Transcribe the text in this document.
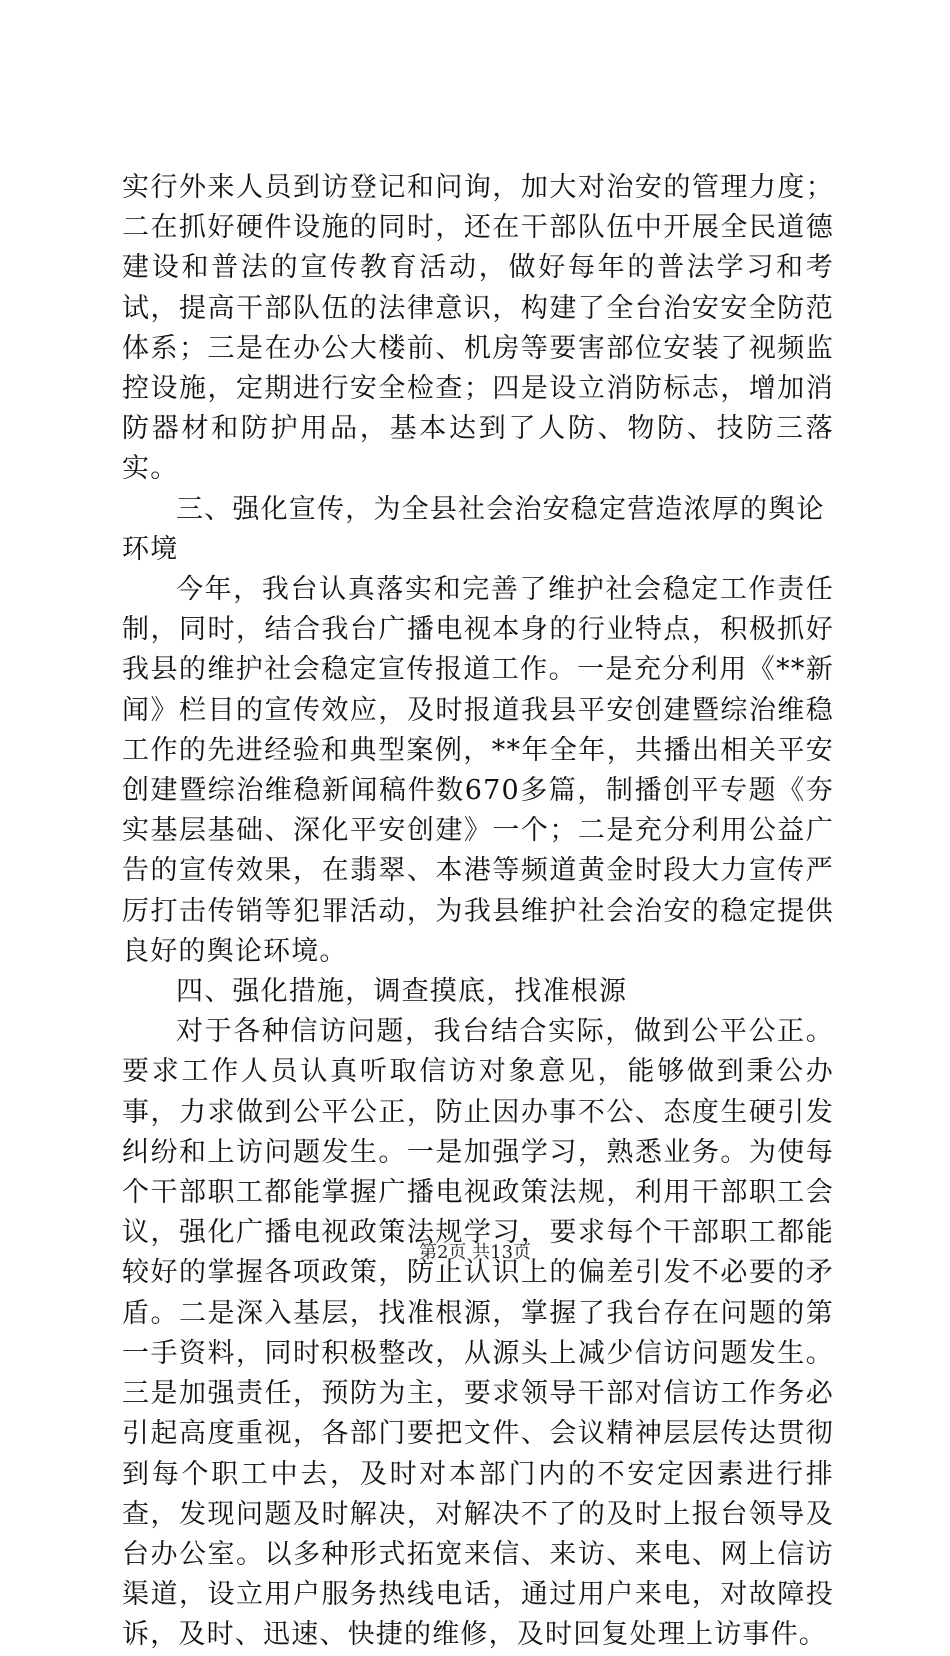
实行外来人员到访登记和问询，加大对治安的管理力度；二在抓好硬件设施的同时，还在干部队伍中开展全民道德建设和普法的宣传教育活动，做好每年的普法学习和考试，提高干部队伍的法律意识，构建了全台治安安全防范体系；三是在办公大楼前、机房等要害部位安装了视频监控设施，定期进行安全检查；四是设立消防标志，增加消防器材和防护用品，基本达到了人防、物防、技防三落实。

三、强化宣传，为全县社会治安稳定营造浓厚的舆论环境

今年，我台认真落实和完善了维护社会稳定工作责任制，同时，结合我台广播电视本身的行业特点，积极抓好我县的维护社会稳定宣传报道工作。一是充分利用《**新闻》栏目的宣传效应，及时报道我县平安创建暨综治维稳工作的先进经验和典型案例，**年全年，共播出相关平安创建暨综治维稳新闻稿件数670多篇，制播创平专题《夯实基层基础、深化平安创建》一个；二是充分利用公益广告的宣传效果，在翡翠、本港等频道黄金时段大力宣传严厉打击传销等犯罪活动，为我县维护社会治安的稳定提供良好的舆论环境。

四、强化措施，调查摸底，找准根源

对于各种信访问题，我台结合实际，做到公平公正。要求工作人员认真听取信访对象意见，能够做到秉公办事，力求做到公平公正，防止因办事不公、态度生硬引发纠纷和上访问题发生。一是加强学习，熟悉业务。为使每个干部职工都能掌握广播电视政策法规，利用干部职工会议，强化广播电视政策法规学习，要求每个干部职工都能较好的掌握各项政策，防止认识上的偏差引发不必要的矛盾。二是深入基层，找准根源，掌握了我台存在问题的第一手资料，同时积极整改，从源头上减少信访问题发生。三是加强责任，预防为主，要求领导干部对信访工作务必引起高度重视，各部门要把文件、会议精神层层传达贯彻到每个职工中去，及时对本部门内的不安定因素进行排查，发现问题及时解决，对解决不了的及时上报台领导及台办公室。以多种形式拓宽来信、来访、来电、网上信访渠道，设立用户服务热线电话，通过用户来电，对故障投诉，及时、迅速、快捷的维修，及时回复处理上访事件。

第2页 共13页
